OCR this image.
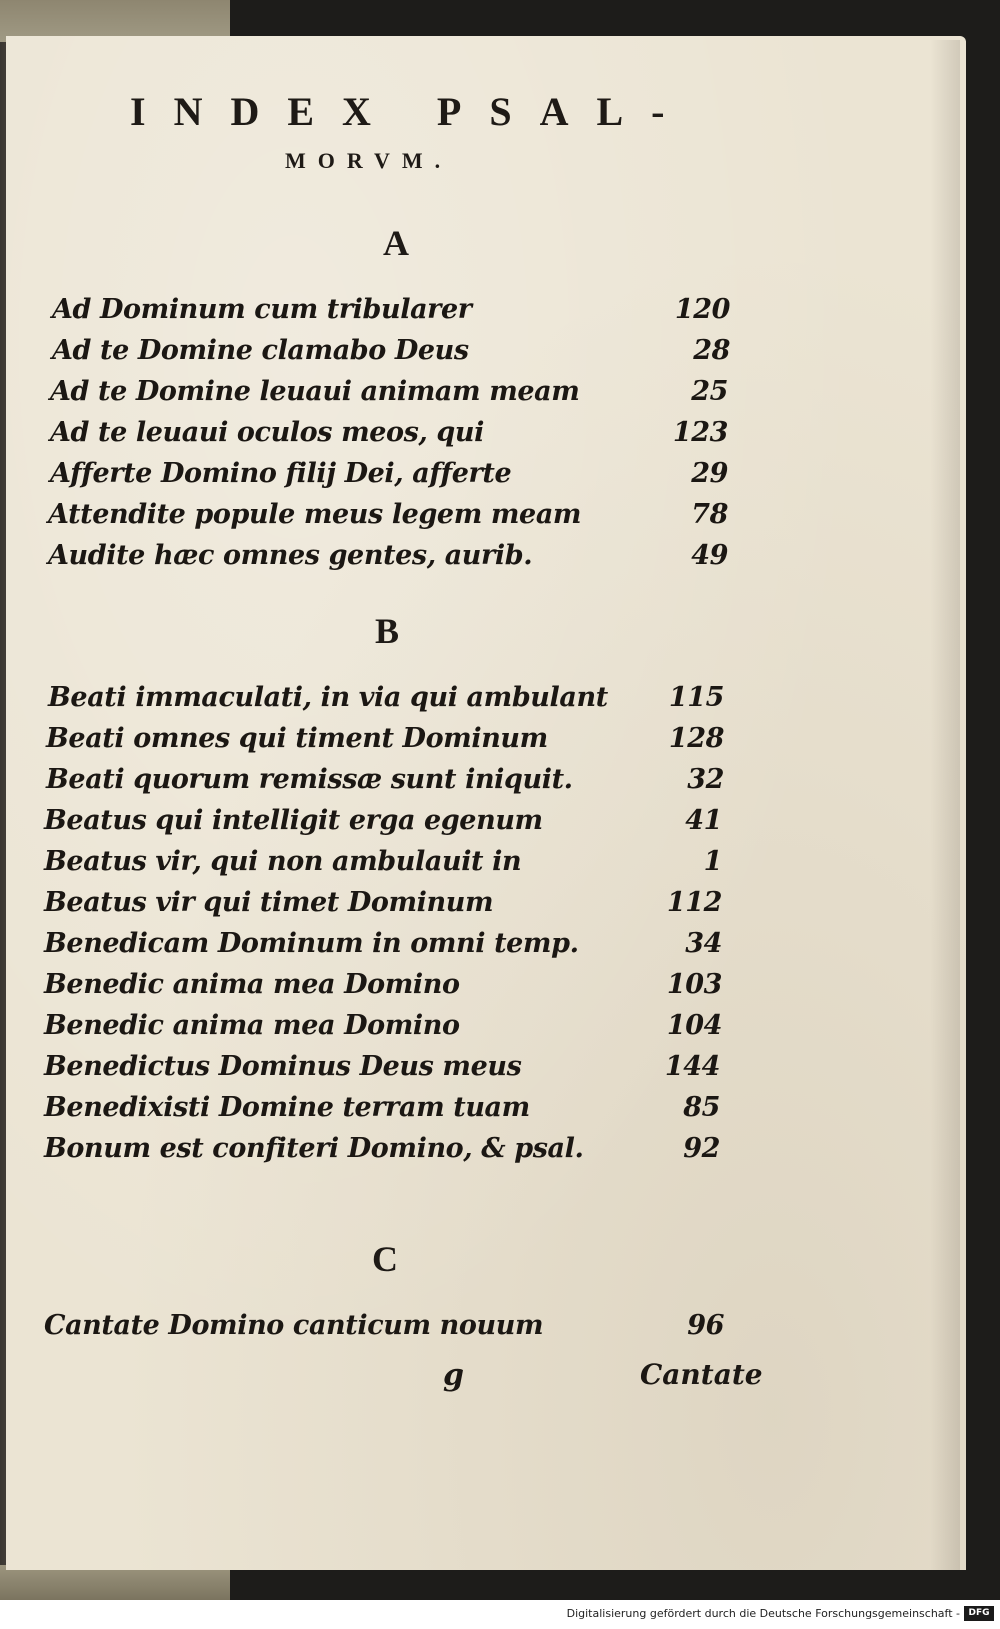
INDEX PSAL-
MORVM.
A
Ad Dominum cum tribularer	120
Ad te Domine clamabo Deus	28
Ad te Domine leuaui animam meam	25
Ad te leuaui oculos meos, qui	123
Afferte Domino filij Dei, afferte	29
Attendite popule meus legem meam	78
Audite hæc omnes gentes, aurib.	49
B
Beati immaculati, in via qui ambulant	115
Beati omnes qui timent Dominum	128
Beati quorum remissæ sunt iniquit.	32
Beatus qui intelligit erga egenum	41
Beatus vir, qui non ambulauit in	1
Beatus vir qui timet Dominum	112
Benedicam Dominum in omni temp.	34
Benedic anima mea Domino	103
Benedic anima mea Domino	104
Benedictus Dominus Deus meus	144
Benedixisti Domine terram tuam	85
Bonum est confiteri Domino, & psal.	92
C
Cantate Domino canticum nouum	96
g	Cantate
Digitalisierung gefördert durch die Deutsche Forschungsgemeinschaft - DFG
